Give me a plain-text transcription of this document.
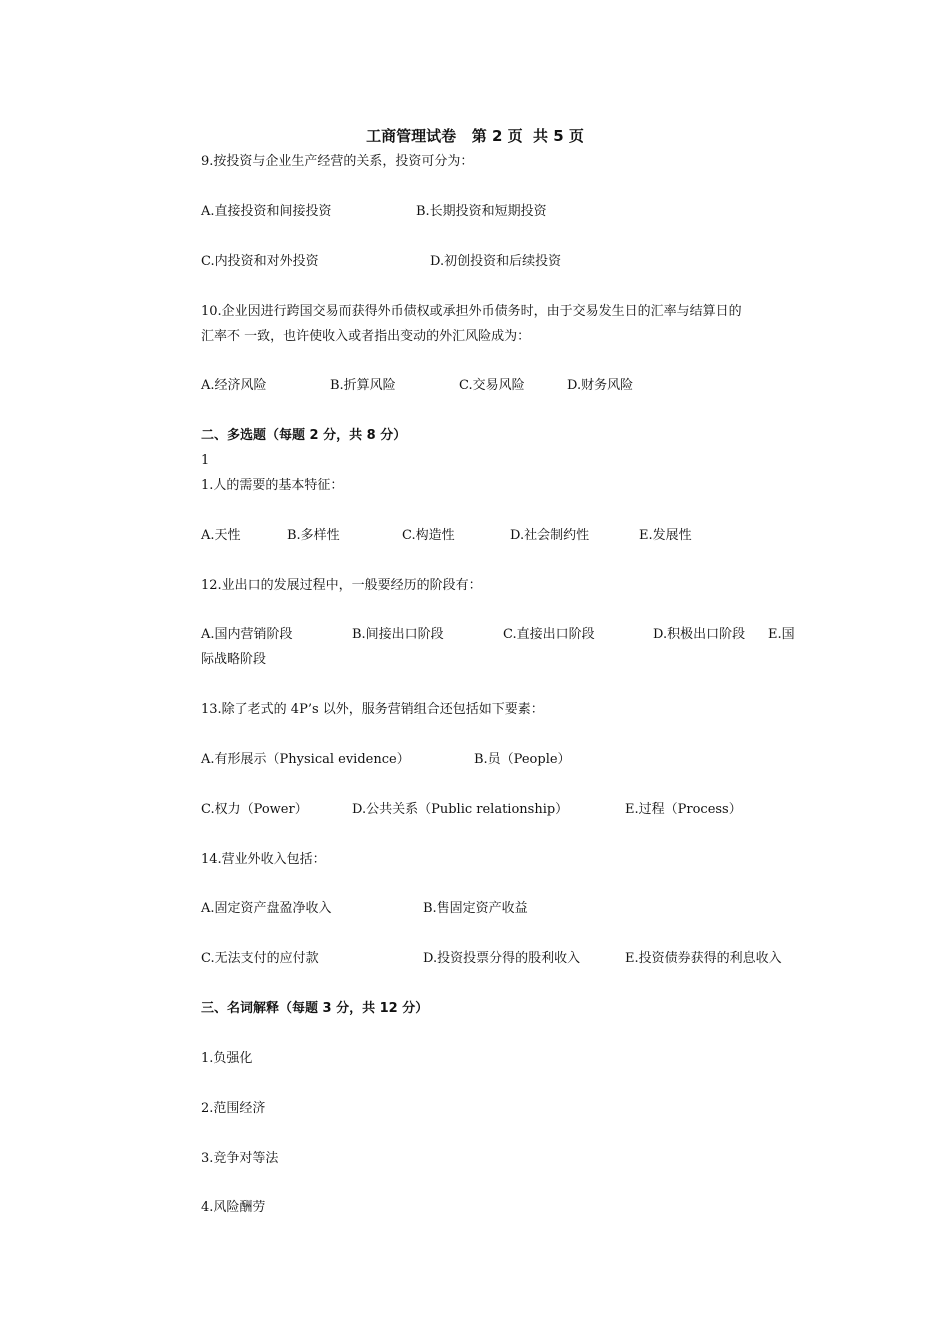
工商管理试卷   第 2 页  共 5 页
9.按投资与企业生产经营的关系，投资可分为：
A.直接投资和间接投资	B.长期投资和短期投资
C.内投资和对外投资	D.初创投资和后续投资
10.企业因进行跨国交易而获得外币债权或承担外币债务时，由于交易发生日的汇率与结算日的
汇率不 一致，也许使收入或者指出变动的外汇风险成为：
A.经济风险	B.折算风险	C.交易风险	D.财务风险
二、多选题（每题 2 分，共 8 分）
1
1.人的需要的基本特征：
A.天性	B.多样性	C.构造性	D.社会制约性	E.发展性
12.业出口的发展过程中，一般要经历的阶段有：
A.国内营销阶段	B.间接出口阶段	C.直接出口阶段	D.积极出口阶段 E.国
际战略阶段
13.除了老式的 4P’s 以外，服务营销组合还包括如下要素：
A.有形展示（Physical evidence）	B.员（People）
C.权力（Power）	D.公共关系（Public relationship）	E.过程（Process）
14.营业外收入包括：
A.固定资产盘盈净收入	B.售固定资产收益
C.无法支付的应付款	D.投资投票分得的股利收入	E.投资债券获得的利息收入
三、名词解释（每题 3 分，共 12 分）
1.负强化
2.范围经济
3.竞争对等法
4.风险酬劳
